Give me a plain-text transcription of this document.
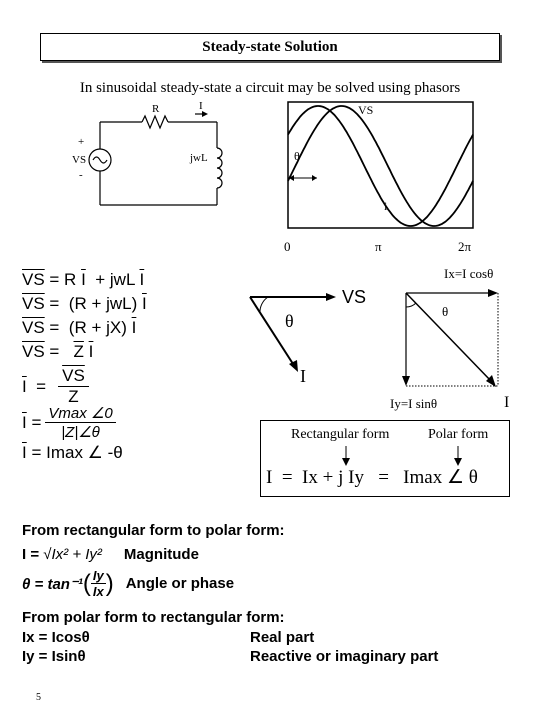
Steady-state Solution
In sinusoidal steady-state a circuit may be solved using phasors
R	I
+
VS
-
jwL
VS
θ
i
0	π	2π
$\overline{VS} = R$ $\overline{I}$  + jwL $\overline{I}$
$\overline{VS} = (R + jwL)$ $\overline{I}$
$\overline{VS} = (R + jX)$ $\overline{I}$
$\overline{VS} = \overline{Z}$ $\overline{I}$
$\overline{I} = \frac{\overline{VS}}{Z}$
$\overline{I} = Vmax$ ∠0
|Z|∠θ
$\overline{I} = Imax$ ∠ -θ
VS
θ
I
Ix=I cosθ
θ
Iy=I sinθ	I
Rectangular form	Polar form
I  =  Ix + j Iy   =   Imax ∠ θ
From rectangular form to polar form:
I = √Ix² + Iy² Magnitude
θ = tan⁻¹ ( Iy
Ix ) Angle or phase
From polar form to rectangular form:
Ix = Icosθ	Real part
Iy = Isinθ	Reactive or imaginary part
5
